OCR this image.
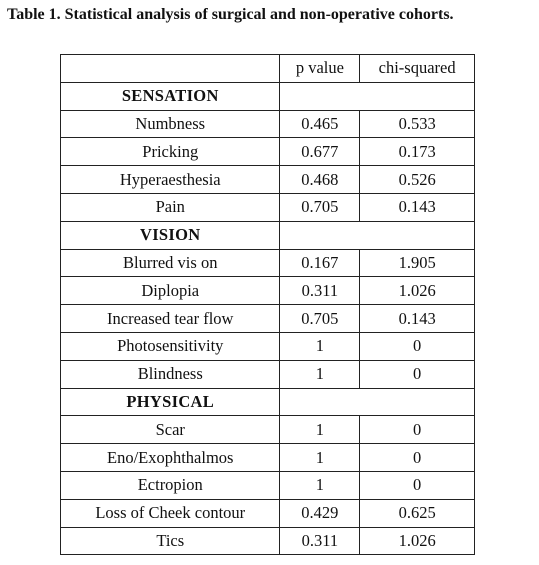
Table 1. Statistical analysis of surgical and non-operative cohorts.
	p value	chi-squared
SENSATION		
Numbness	0.465	0.533
Pricking	0.677	0.173
Hyperaesthesia	0.468	0.526
Pain	0.705	0.143
VISION		
Blurred vis on	0.167	1.905
Diplopia	0.311	1.026
Increased tear flow	0.705	0.143
Photosensitivity	1	0
Blindness	1	0
PHYSICAL		
Scar	1	0
Eno/Exophthalmos	1	0
Ectropion	1	0
Loss of Cheek contour	0.429	0.625
Tics	0.311	1.026
